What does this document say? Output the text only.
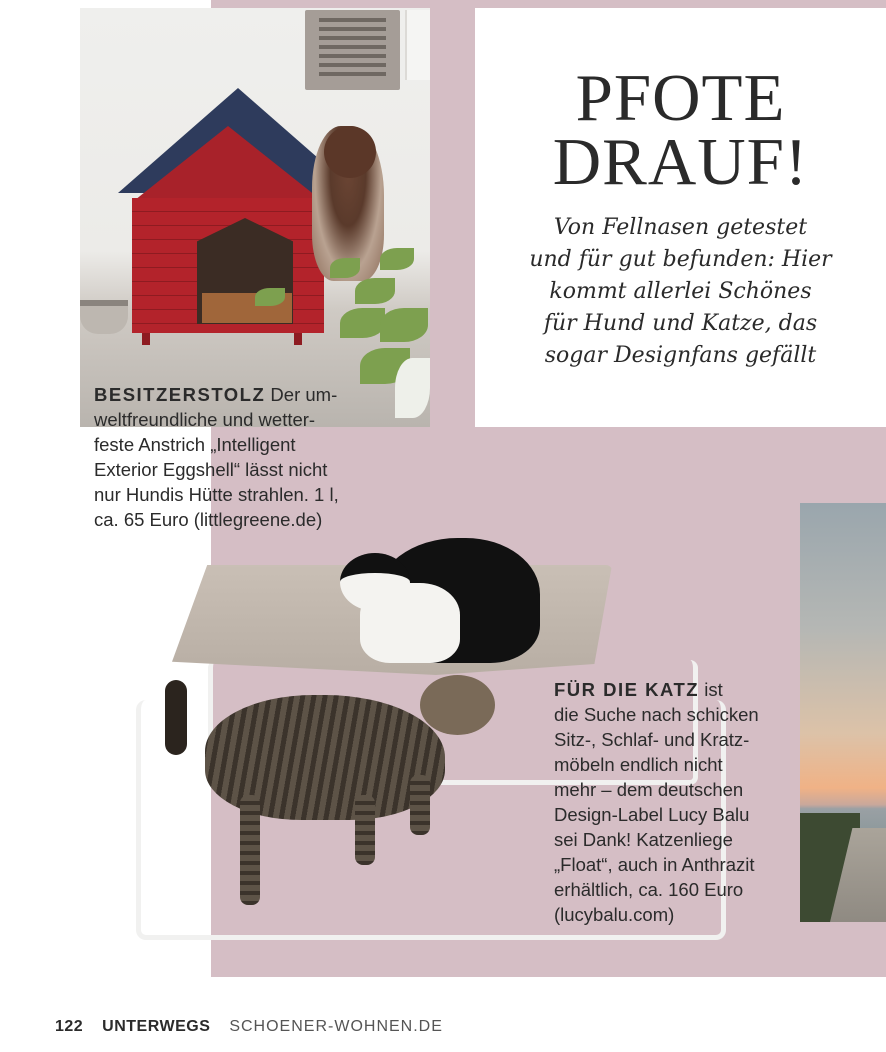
PFOTE
DRAUF!

Von Fellnasen getestet
und für gut befunden: Hier
kommt allerlei Schönes
für Hund und Katze, das
sogar Designfans gefällt

BESITZERSTOLZ Der um-
weltfreundliche und wetter-
feste Anstrich „Intelligent
Exterior Eggshell“ lässt nicht
nur Hundis Hütte strahlen. 1 l,
ca. 65 Euro (littlegreene.de)
FÜR DIE KATZ ist
die Suche nach schicken
Sitz-, Schlaf- und Kratz-
möbeln endlich nicht
mehr – dem deutschen
Design-Label Lucy Balu
sei Dank! Katzenliege
„Float“, auch in Anthrazit
erhältlich, ca. 160 Euro
(lucybalu.com)
122 UNTERWEGS SCHOENER-WOHNEN.DE
